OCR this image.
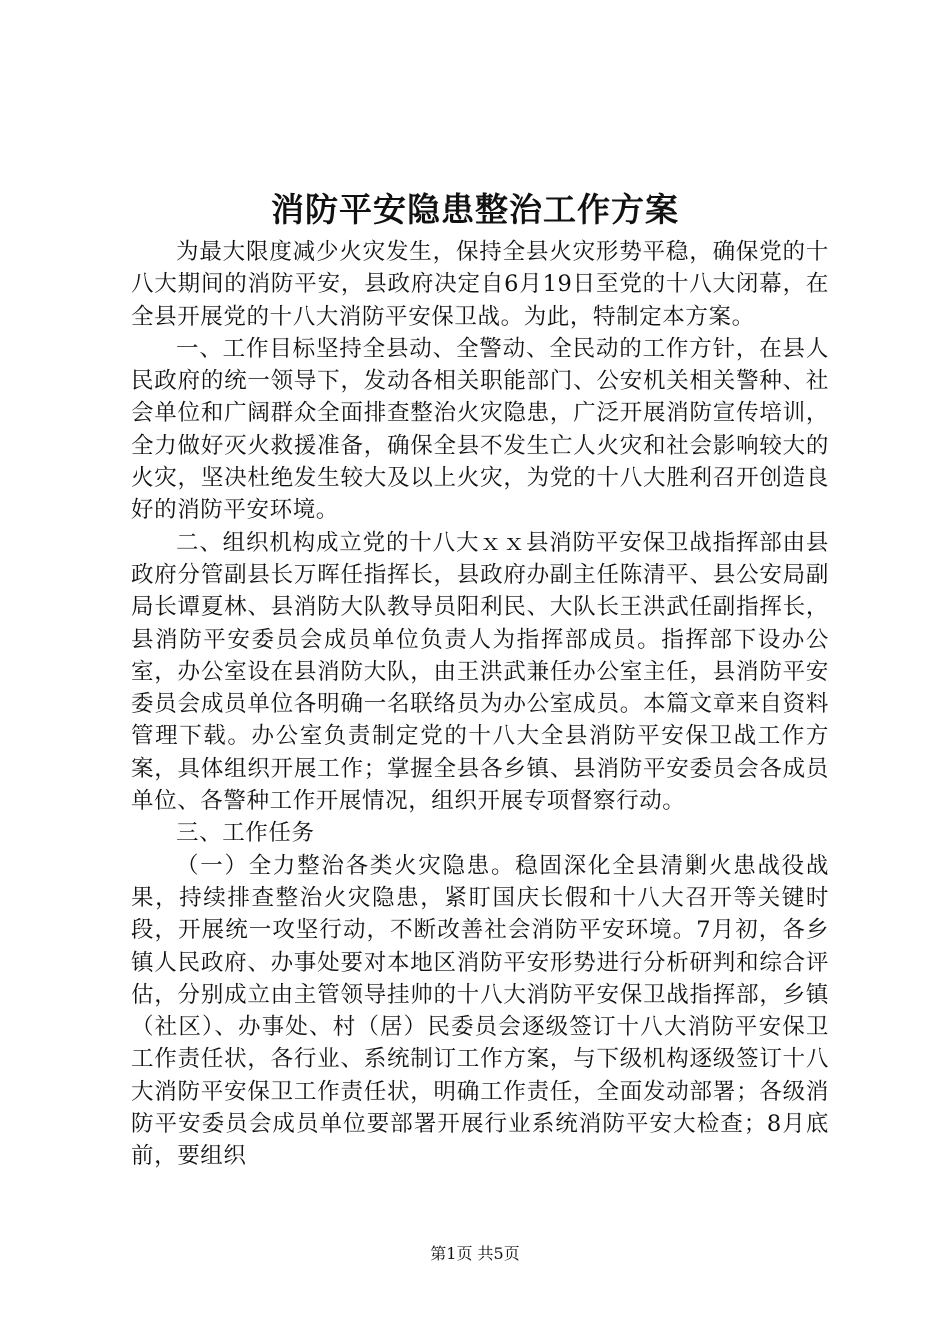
消防平安隐患整治工作方案

为最大限度减少火灾发生，保持全县火灾形势平稳，确保党的十八大期间的消防平安，县政府决定自6月19日至党的十八大闭幕，在全县开展党的十八大消防平安保卫战。为此，特制定本方案。

一、工作目标坚持全县动、全警动、全民动的工作方针，在县人民政府的统一领导下，发动各相关职能部门、公安机关相关警种、社会单位和广阔群众全面排查整治火灾隐患，广泛开展消防宣传培训，全力做好灭火救援准备，确保全县不发生亡人火灾和社会影响较大的火灾，坚决杜绝发生较大及以上火灾，为党的十八大胜利召开创造良好的消防平安环境。

二、组织机构成立党的十八大ｘｘ县消防平安保卫战指挥部由县政府分管副县长万晖任指挥长，县政府办副主任陈清平、县公安局副局长谭夏林、县消防大队教导员阳利民、大队长王洪武任副指挥长，县消防平安委员会成员单位负责人为指挥部成员。指挥部下设办公室，办公室设在县消防大队，由王洪武兼任办公室主任，县消防平安委员会成员单位各明确一名联络员为办公室成员。本篇文章来自资料管理下载。办公室负责制定党的十八大全县消防平安保卫战工作方案，具体组织开展工作；掌握全县各乡镇、县消防平安委员会各成员单位、各警种工作开展情况，组织开展专项督察行动。

三、工作任务

（一）全力整治各类火灾隐患。稳固深化全县清剿火患战役战果，持续排查整治火灾隐患，紧盯国庆长假和十八大召开等关键时段，开展统一攻坚行动，不断改善社会消防平安环境。7月初，各乡镇人民政府、办事处要对本地区消防平安形势进行分析研判和综合评估，分别成立由主管领导挂帅的十八大消防平安保卫战指挥部，乡镇（社区）、办事处、村（居）民委员会逐级签订十八大消防平安保卫工作责任状，各行业、系统制订工作方案，与下级机构逐级签订十八大消防平安保卫工作责任状，明确工作责任，全面发动部署；各级消防平安委员会成员单位要部署开展行业系统消防平安大检查；8月底前，要组织

第1页 共5页
